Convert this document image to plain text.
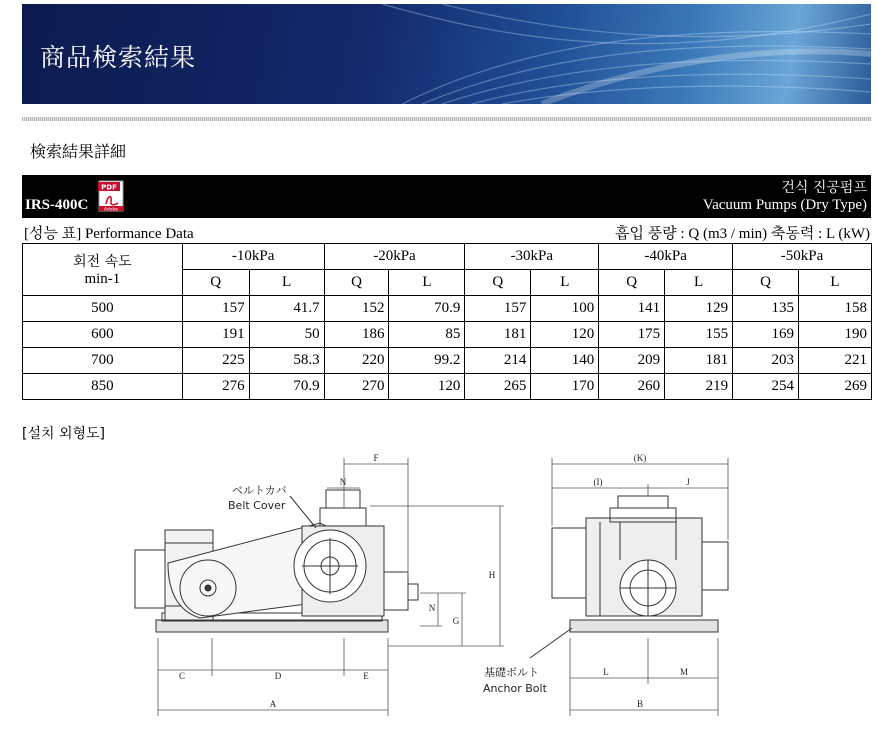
商品検索結果
検索結果詳細
IRS-400C
PDF
Adobe
건식 진공펌프
Vacuum Pumps (Dry Type)
[성능 표] Performance Data	흡입 풍량 : Q (m3 / min) 축동력 : L (kW)
회전 속도
min-1	-10kPa		-20kPa		-30kPa		-40kPa		-50kPa	
	Q	L	Q	L	Q	L	Q	L	Q	L
500	157	41.7	152	70.9	157	100	141	129	135	158
600	191	50	186	85	181	120	175	155	169	190
700	225	58.3	220	99.2	214	140	209	181	203	221
850	276	70.9	270	120	265	170	260	219	254	269
[설치 외형도]
C	D	E
A
F
N
H
G
N
(K)
(I)	J
L	M
B
ベルトカバ
Belt Cover
基礎ボルト
Anchor Bolt
